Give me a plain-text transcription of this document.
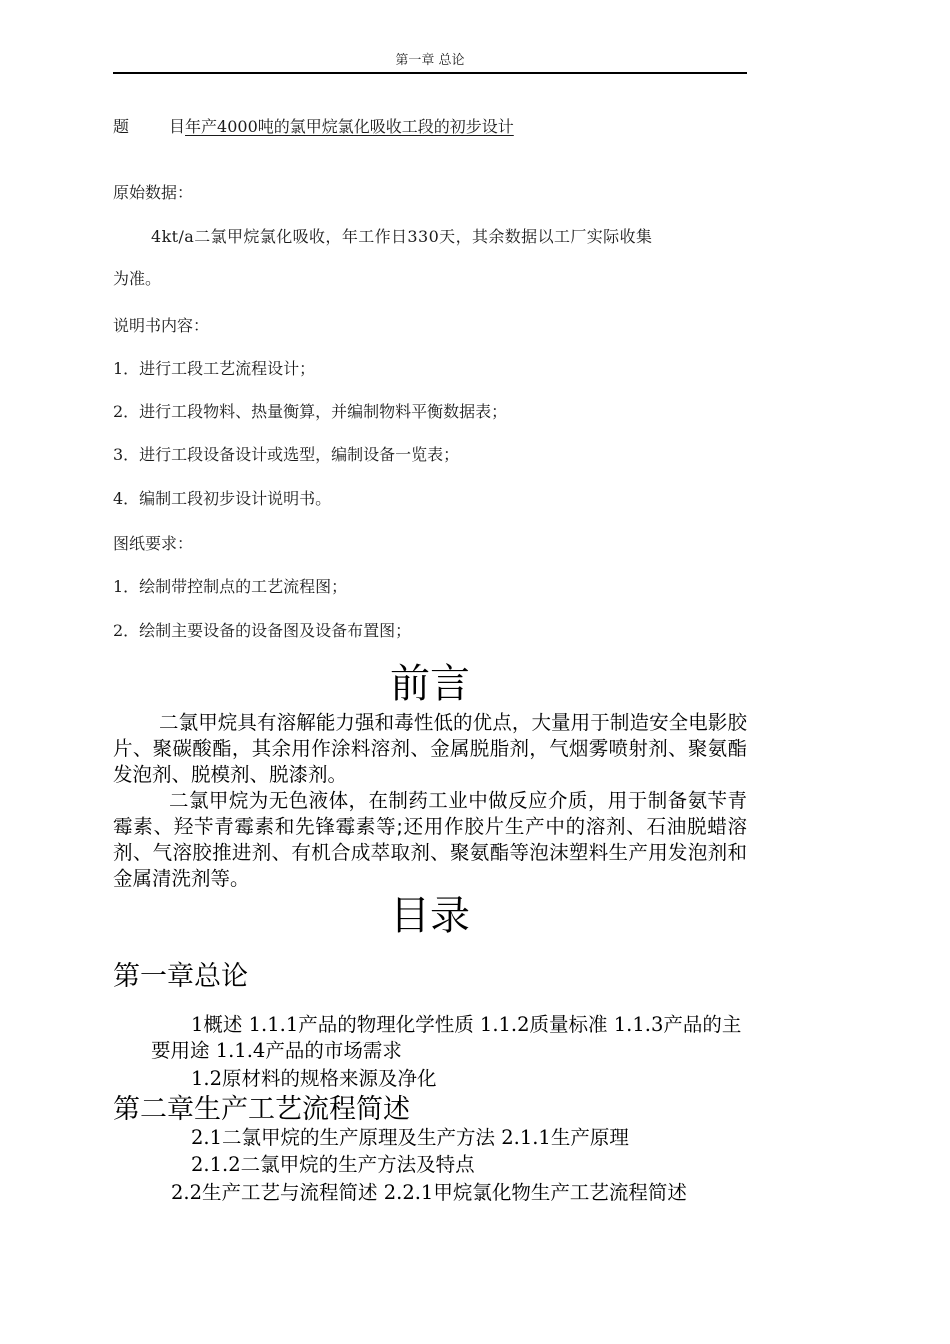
第一章 总论
题	目年产4000吨的氯甲烷氯化吸收工段的初步设计
原始数据：
4kt/a二氯甲烷氯化吸收，年工作日330天，其余数据以工厂实际收集
为准。
说明书内容：
1．进行工段工艺流程设计；
2．进行工段物料、热量衡算，并编制物料平衡数据表；
3．进行工段设备设计或选型，编制设备一览表；
4．编制工段初步设计说明书。
图纸要求：
1．绘制带控制点的工艺流程图；
2．绘制主要设备的设备图及设备布置图；
前言
二氯甲烷具有溶解能力强和毒性低的优点，大量用于制造安全电影胶片、聚碳酸酯，其余用作涂料溶剂、金属脱脂剂，气烟雾喷射剂、聚氨酯发泡剂、脱模剂、脱漆剂。
二氯甲烷为无色液体，在制药工业中做反应介质，用于制备氨苄青霉素、羟苄青霉素和先锋霉素等;还用作胶片生产中的溶剂、石油脱蜡溶剂、气溶胶推进剂、有机合成萃取剂、聚氨酯等泡沫塑料生产用发泡剂和金属清洗剂等。
目录
第一章总论
1概述 1.1.1产品的物理化学性质 1.1.2质量标准 1.1.3产品的主要用途 1.1.4产品的市场需求
1.2原材料的规格来源及净化
第二章生产工艺流程简述
2.1二氯甲烷的生产原理及生产方法 2.1.1生产原理
2.1.2二氯甲烷的生产方法及特点
2.2生产工艺与流程简述 2.2.1甲烷氯化物生产工艺流程简述
